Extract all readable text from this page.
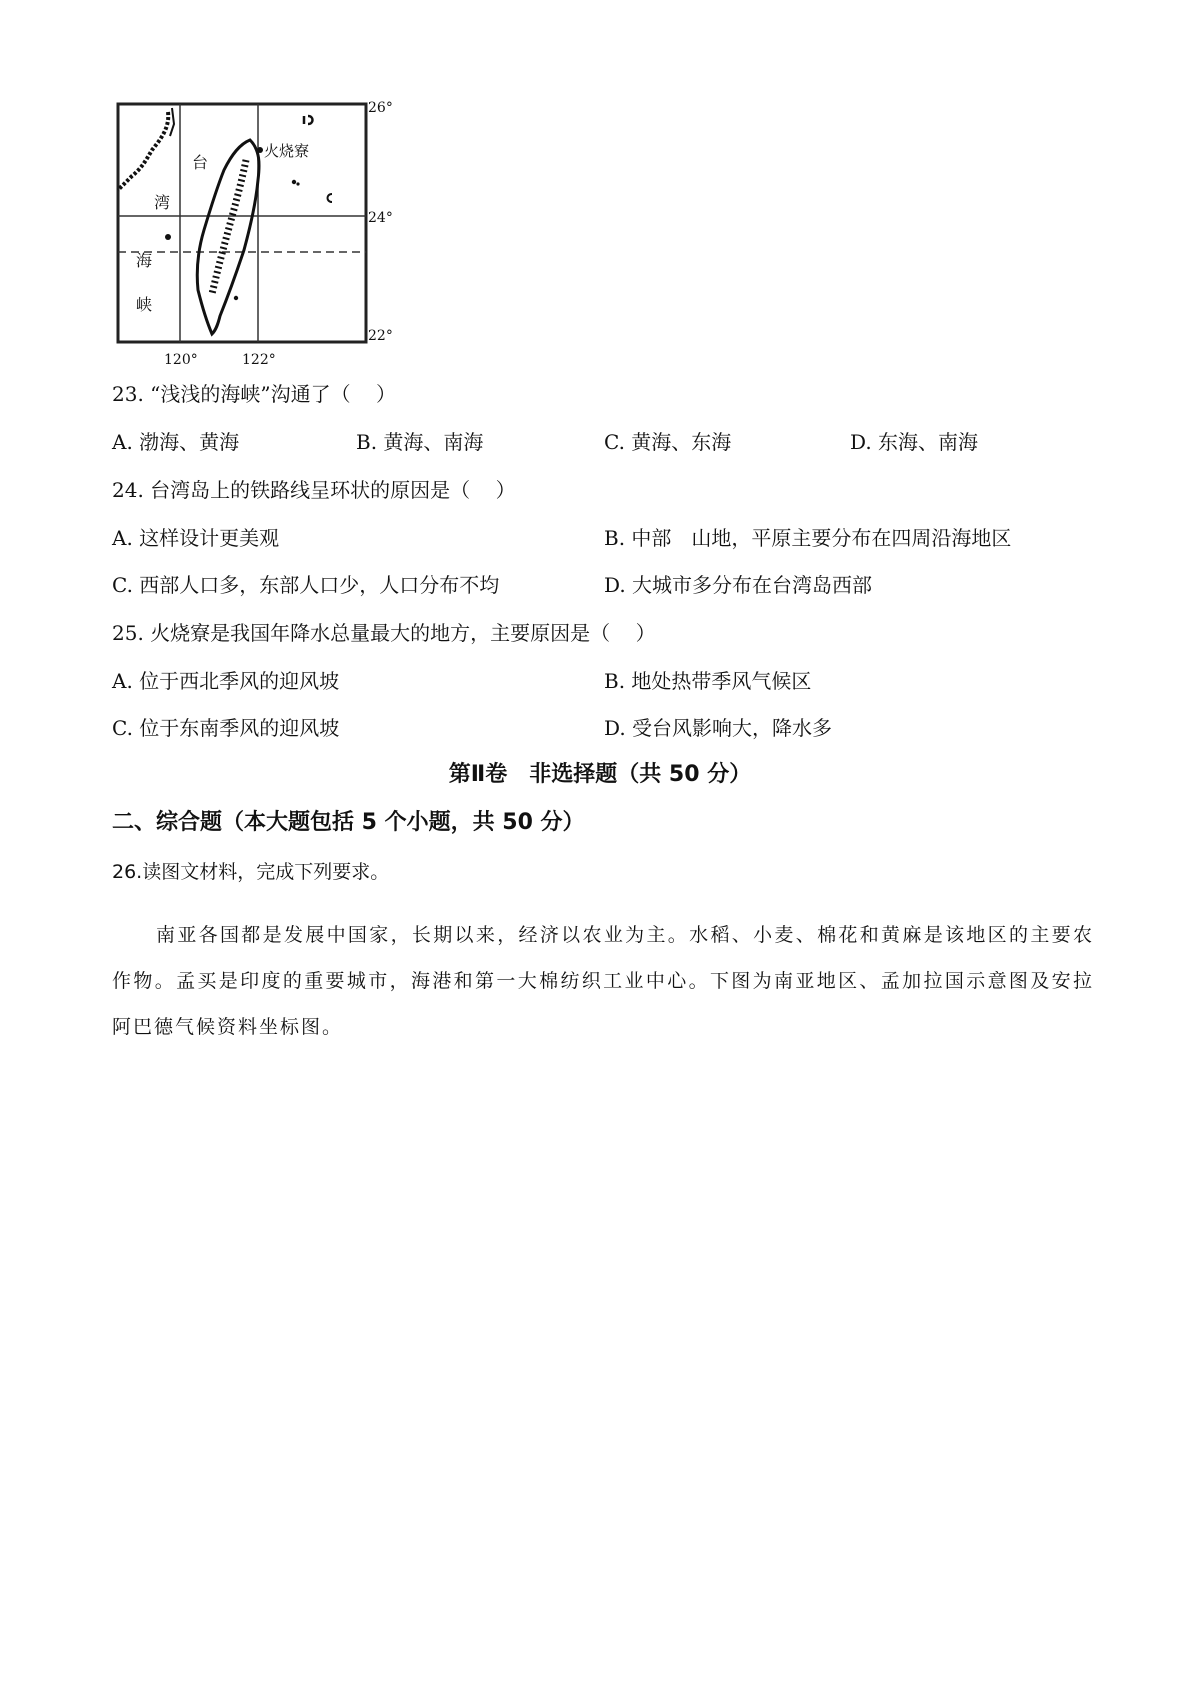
火烧寮
台
湾
海
峡
26°
24°
22°
120°	122°
23. “浅浅的海峡”沟通了（    ）
A. 渤海、黄海	B. 黄海、南海	C. 黄海、东海	D. 东海、南海
24. 台湾岛上的铁路线呈环状的原因是（    ）
A. 这样设计更美观	B. 中部　山地，平原主要分布在四周沿海地区
C. 西部人口多，东部人口少，人口分布不均	D. 大城市多分布在台湾岛西部
25. 火烧寮是我国年降水总量最大的地方，主要原因是（    ）
A. 位于西北季风的迎风坡	B. 地处热带季风气候区
C. 位于东南季风的迎风坡	D. 受台风影响大，降水多
第Ⅱ卷　非选择题（共 50 分）
二、综合题（本大题包括 5 个小题，共 50 分）
26.读图文材料，完成下列要求。

南亚各国都是发展中国家，长期以来，经济以农业为主。水稻、小麦、棉花和黄麻是该地区的主要农作物。孟买是印度的重要城市，海港和第一大棉纺织工业中心。下图为南亚地区、孟加拉国示意图及安拉阿巴德气候资料坐标图。
